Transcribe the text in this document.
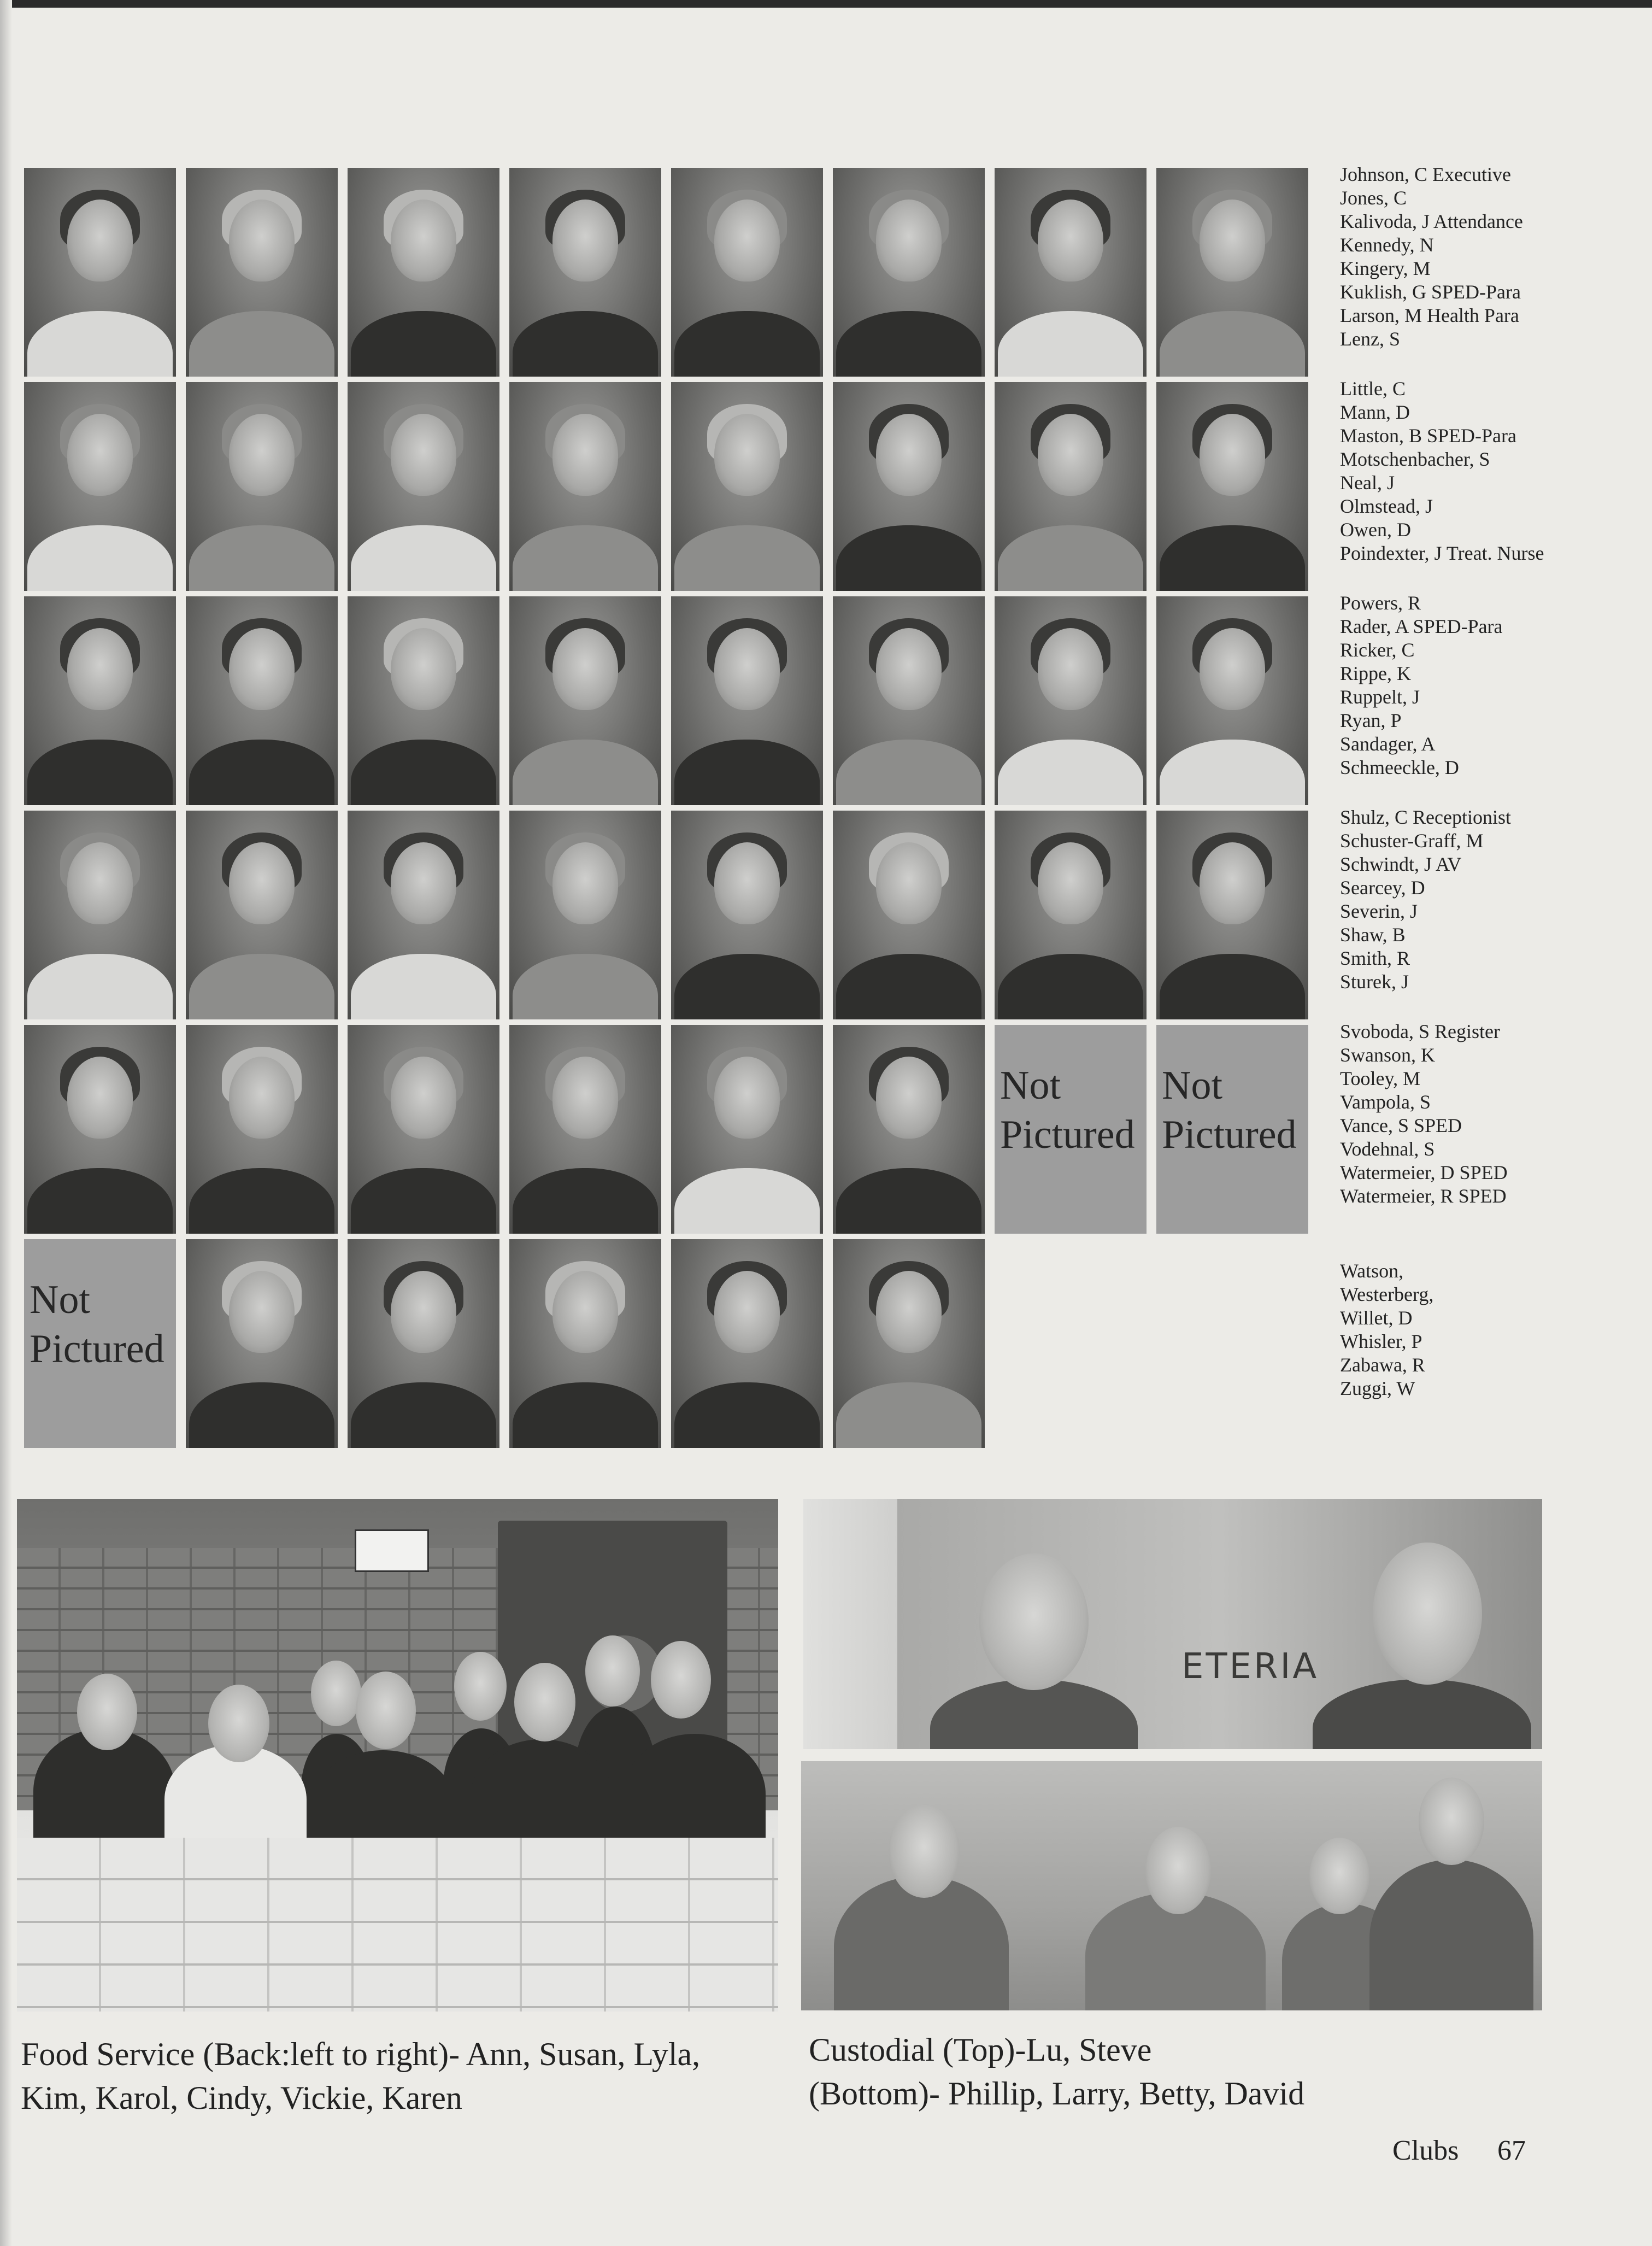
Not
Pictured
Not
Pictured
Not
Pictured
Johnson, C Executive
Jones, C
Kalivoda, J Attendance
Kennedy, N
Kingery, M
Kuklish, G SPED-Para
Larson, M Health Para
Lenz, S
Little, C
Mann, D
Maston, B SPED-Para
Motschenbacher, S
Neal, J
Olmstead, J
Owen, D
Poindexter, J Treat. Nurse
Powers, R
Rader, A SPED-Para
Ricker, C
Rippe, K
Ruppelt, J
Ryan, P
Sandager, A
Schmeeckle, D
Shulz, C Receptionist
Schuster-Graff, M
Schwindt, J AV
Searcey, D
Severin, J
Shaw, B
Smith, R
Sturek, J
Svoboda, S Register
Swanson, K
Tooley, M
Vampola, S
Vance, S SPED
Vodehnal, S
Watermeier, D SPED
Watermeier, R SPED
Watson,
Westerberg,
Willet, D
Whisler, P
Zabawa, R
Zuggi, W
ETERIA
Food Service (Back:left to right)- Ann, Susan, Lyla,
Kim, Karol, Cindy, Vickie, Karen
Custodial (Top)-Lu, Steve
(Bottom)- Phillip, Larry, Betty, David
Clubs 67
